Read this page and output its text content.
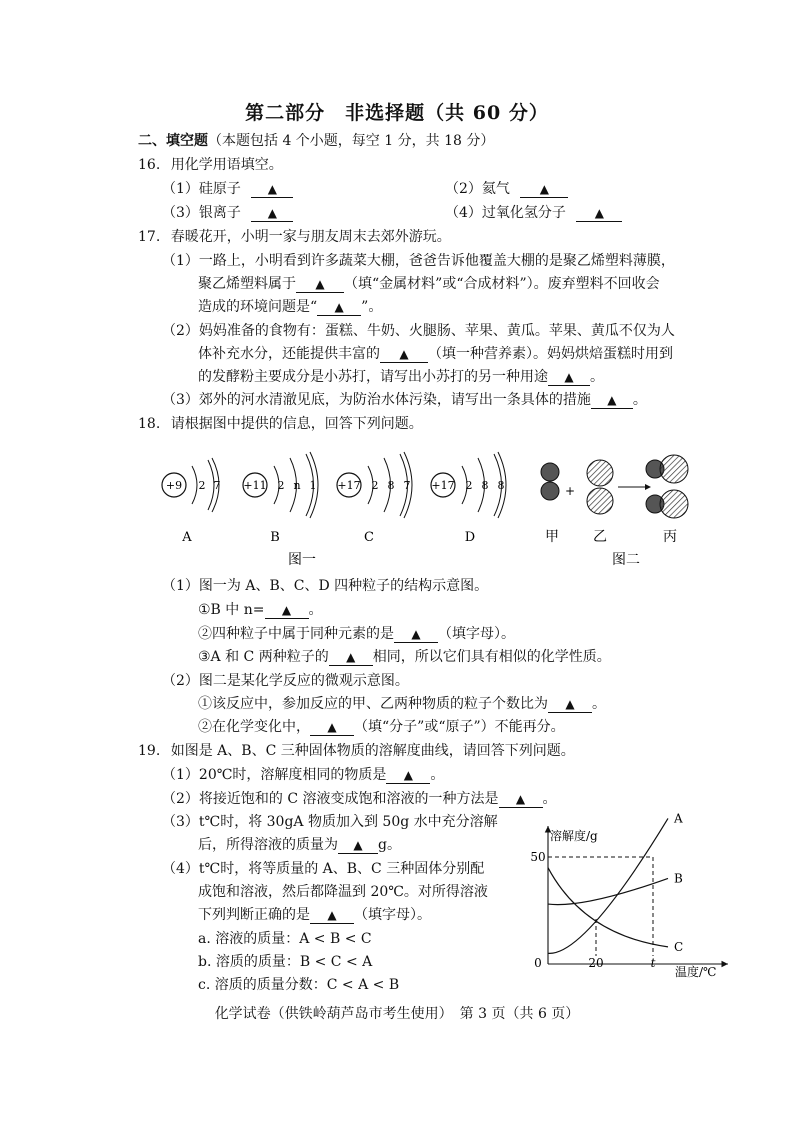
第二部分　非选择题（共 60 分）
二、填空题（本题包括 4 个小题，每空 1 分，共 18 分）
16. 用化学用语填空。
（1）硅原子 ▲	（2）氦气 ▲
（3）银离子 ▲	（4）过氧化氢分子 ▲
17. 春暖花开，小明一家与朋友周末去郊外游玩。
（1）一路上，小明看到许多蔬菜大棚，爸爸告诉他覆盖大棚的是聚乙烯塑料薄膜，
聚乙烯塑料属于 ▲ （填“金属材料”或“合成材料”）。废弃塑料不回收会
造成的环境问题是“ ▲ ”。
（2）妈妈准备的食物有：蛋糕、牛奶、火腿肠、苹果、黄瓜。苹果、黄瓜不仅为人
体补充水分，还能提供丰富的 ▲ （填一种营养素）。妈妈烘焙蛋糕时用到
的发酵粉主要成分是小苏打，请写出小苏打的另一种用途 ▲ 。
（3）郊外的河水清澈见底，为防治水体污染，请写出一条具体的措施 ▲ 。
18. 请根据图中提供的信息，回答下列问题。
+9 2 7
A
+11 2 n 1
B
+17 2 8 7
C
+17 2 8 8
D
图一
+
甲 乙	丙
图二
（1）图一为 A、B、C、D 四种粒子的结构示意图。
①B 中 n= ▲ 。
②四种粒子中属于同种元素的是 ▲ （填字母）。
③A 和 C 两种粒子的 ▲ 相同，所以它们具有相似的化学性质。
（2）图二是某化学反应的微观示意图。
①该反应中，参加反应的甲、乙两种物质的粒子个数比为 ▲ 。
②在化学变化中， ▲ （填“分子”或“原子”）不能再分。
19. 如图是 A、B、C 三种固体物质的溶解度曲线，请回答下列问题。
（1）20℃时，溶解度相同的物质是 ▲ 。
（2）将接近饱和的 C 溶液变成饱和溶液的一种方法是 ▲ 。
（3）t℃时，将 30gA 物质加入到 50g 水中充分溶解
后，所得溶液的质量为 ▲ g。
（4）t℃时，将等质量的 A、B、C 三种固体分别配
成饱和溶液，然后都降温到 20℃。对所得溶液
下列判断正确的是 ▲ （填字母）。
a. 溶液的质量：A < B < C
b. 溶质的质量：B < C < A
c. 溶质的质量分数：C < A < B
溶解度/g
温度/℃
0
50
20	t
A
B
C
化学试卷（供铁岭葫芦岛市考生使用）　第 3 页（共 6 页）
